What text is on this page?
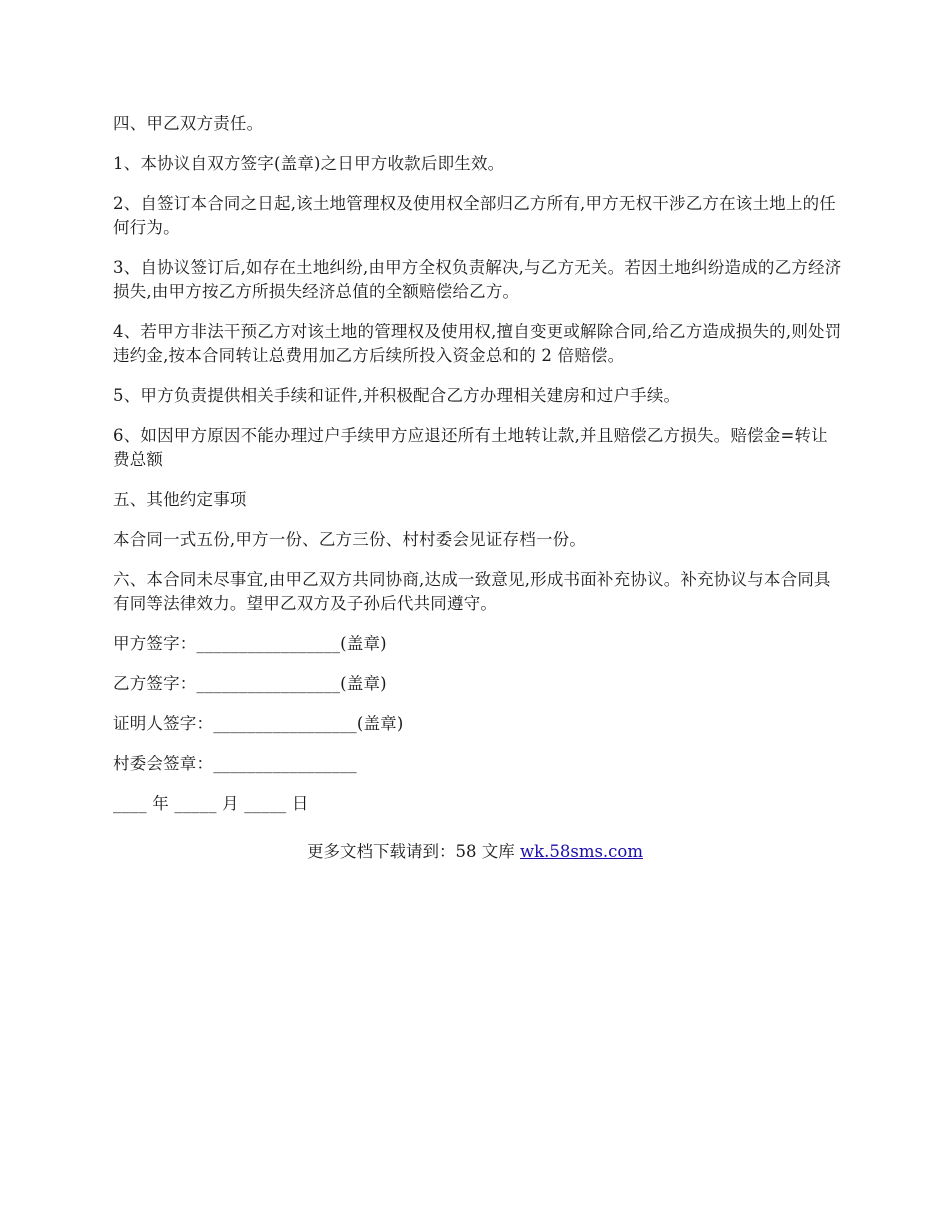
四、甲乙双方责任。

1、本协议自双方签字(盖章)之日甲方收款后即生效。

2、自签订本合同之日起,该土地管理权及使用权全部归乙方所有,甲方无权干涉乙方在该土地上的任何行为。

3、自协议签订后,如存在土地纠纷,由甲方全权负责解决,与乙方无关。若因土地纠纷造成的乙方经济损失,由甲方按乙方所损失经济总值的全额赔偿给乙方。

4、若甲方非法干预乙方对该土地的管理权及使用权,擅自变更或解除合同,给乙方造成损失的,则处罚违约金,按本合同转让总费用加乙方后续所投入资金总和的 2 倍赔偿。

5、甲方负责提供相关手续和证件,并积极配合乙方办理相关建房和过户手续。

6、如因甲方原因不能办理过户手续甲方应退还所有土地转让款,并且赔偿乙方损失。赔偿金=转让费总额

五、其他约定事项

本合同一式五份,甲方一份、乙方三份、村村委会见证存档一份。

六、本合同未尽事宜,由甲乙双方共同协商,达成一致意见,形成书面补充协议。补充协议与本合同具有同等法律效力。望甲乙双方及子孙后代共同遵守。

甲方签字：_________________(盖章)

乙方签字：_________________(盖章)

证明人签字：_________________(盖章)

村委会签章：_________________

____ 年 _____ 月 _____ 日

更多文档下载请到：58 文库 wk.58sms.com
